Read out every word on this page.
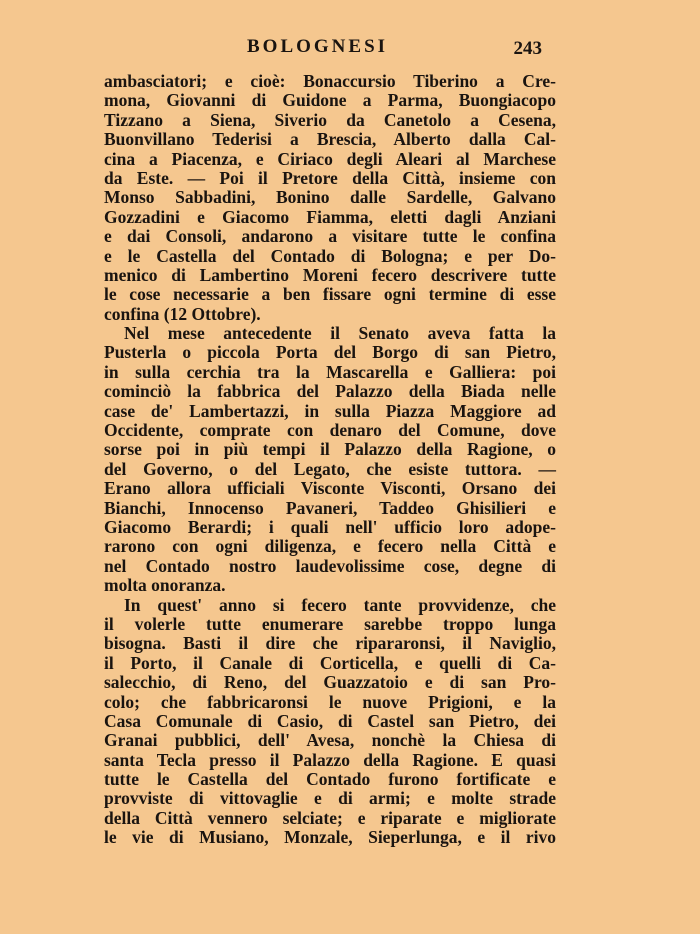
BOLOGNESI	243
ambasciatori; e cioè: Bonaccursio Tiberino a Cre-
mona, Giovanni di Guidone a Parma, Buongiacopo
Tizzano a Siena, Siverio da Canetolo a Cesena,
Buonvillano Tederisi a Brescia, Alberto dalla Cal-
cina a Piacenza, e Ciriaco degli Aleari al Marchese
da Este. — Poi il Pretore della Città, insieme con
Monso Sabbadini, Bonino dalle Sardelle, Galvano
Gozzadini e Giacomo Fiamma, eletti dagli Anziani
e dai Consoli, andarono a visitare tutte le confina
e le Castella del Contado di Bologna; e per Do-
menico di Lambertino Moreni fecero descrivere tutte
le cose necessarie a ben fissare ogni termine di esse
confina (12 Ottobre).
Nel mese antecedente il Senato aveva fatta la
Pusterla o piccola Porta del Borgo di san Pietro,
in sulla cerchia tra la Mascarella e Galliera: poi
cominciò la fabbrica del Palazzo della Biada nelle
case de' Lambertazzi, in sulla Piazza Maggiore ad
Occidente, comprate con denaro del Comune, dove
sorse poi in più tempi il Palazzo della Ragione, o
del Governo, o del Legato, che esiste tuttora. —
Erano allora ufficiali Visconte Visconti, Orsano dei
Bianchi, Innocenso Pavaneri, Taddeo Ghisilieri e
Giacomo Berardi; i quali nell' ufficio loro adope-
rarono con ogni diligenza, e fecero nella Città e
nel Contado nostro laudevolissime cose, degne di
molta onoranza.
In quest' anno si fecero tante provvidenze, che
il volerle tutte enumerare sarebbe troppo lunga
bisogna. Basti il dire che ripararonsi, il Naviglio,
il Porto, il Canale di Corticella, e quelli di Ca-
salecchio, di Reno, del Guazzatoio e di san Pro-
colo; che fabbricaronsi le nuove Prigioni, e la
Casa Comunale di Casio, di Castel san Pietro, dei
Granai pubblici, dell' Avesa, nonchè la Chiesa di
santa Tecla presso il Palazzo della Ragione. E quasi
tutte le Castella del Contado furono fortificate e
provviste di vittovaglie e di armi; e molte strade
della Città vennero selciate; e riparate e migliorate
le vie di Musiano, Monzale, Sieperlunga, e il rivo
